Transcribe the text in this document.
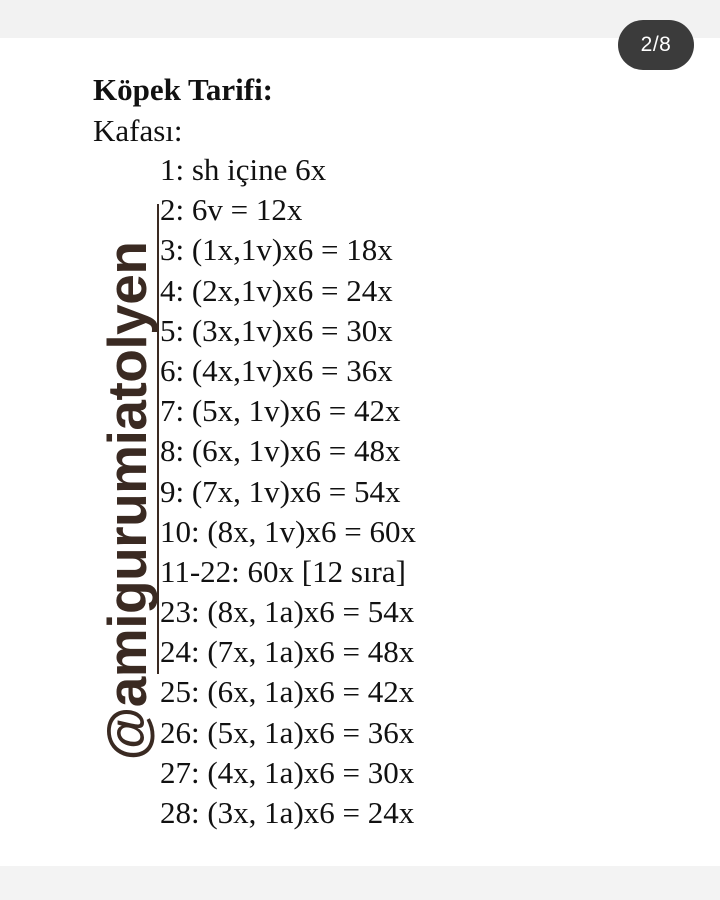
2/8
Köpek Tarifi:
Kafası:
1: sh içine 6x
2: 6v = 12x
3: (1x,1v)x6 = 18x
4: (2x,1v)x6 = 24x
5: (3x,1v)x6 = 30x
6: (4x,1v)x6 = 36x
7: (5x, 1v)x6 = 42x
8: (6x, 1v)x6 = 48x
9: (7x, 1v)x6 = 54x
10: (8x, 1v)x6 = 60x
11-22: 60x [12 sıra]
23: (8x, 1a)x6 = 54x
24: (7x, 1a)x6 = 48x
25: (6x, 1a)x6 = 42x
26: (5x, 1a)x6 = 36x
27: (4x, 1a)x6 = 30x
28: (3x, 1a)x6 = 24x
@amigurumiatolyen
